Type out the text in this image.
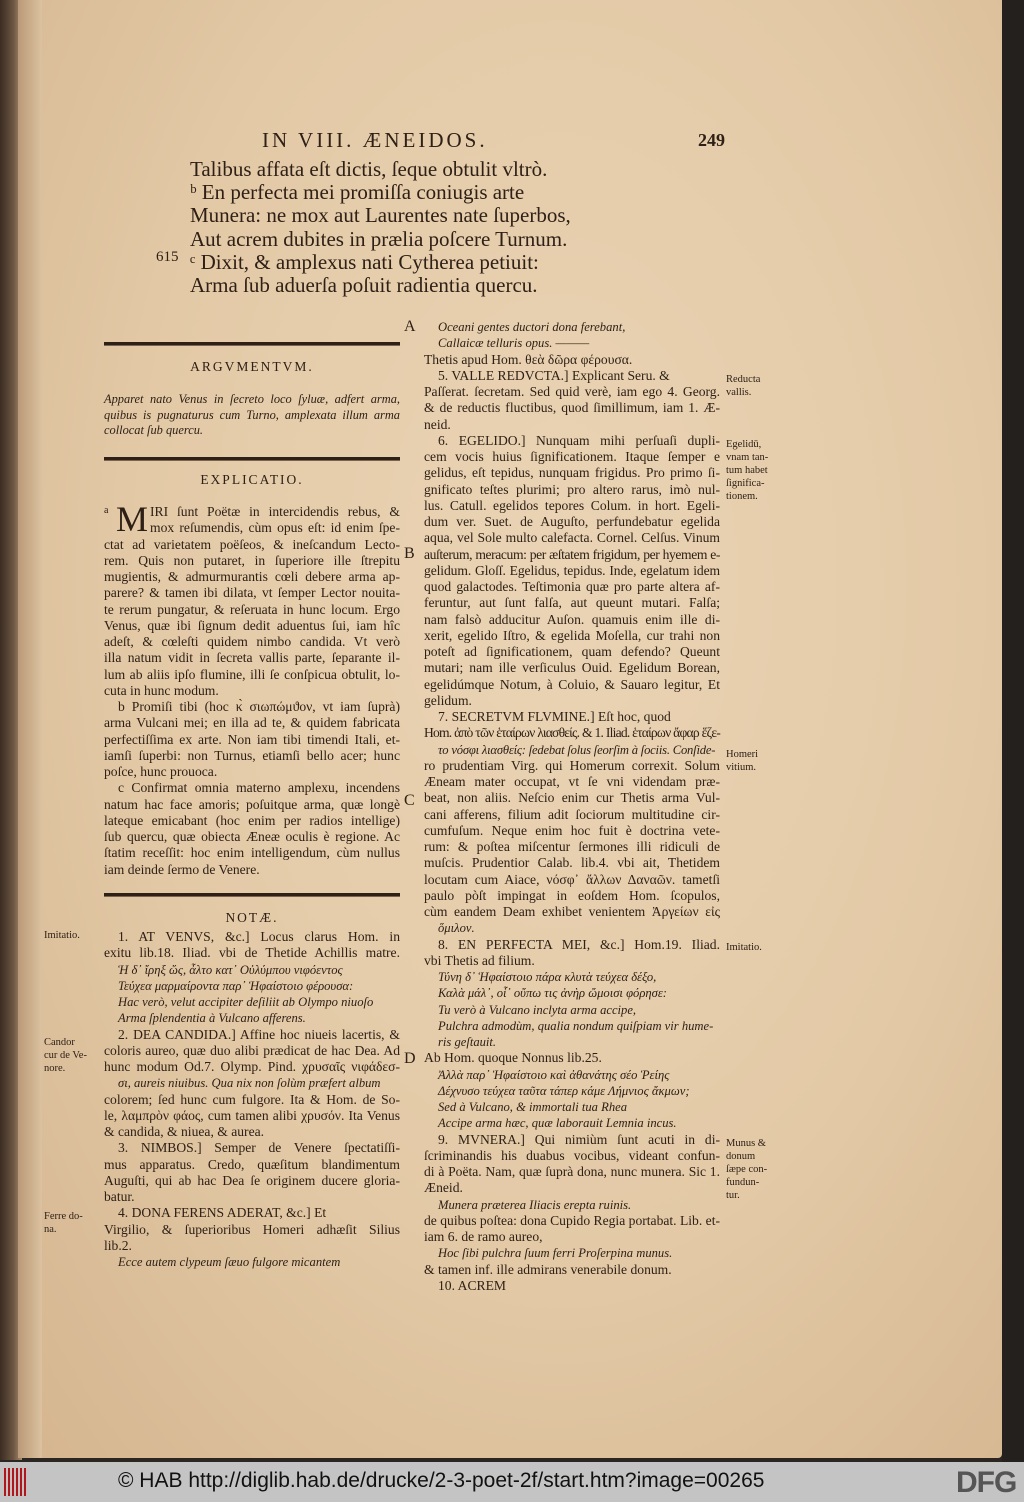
IN VIII. ÆNEIDOS.	249
Talibus affata eſt dictis, ſeque obtulit vltrò.
ᵇ En perfecta mei promiſſa coniugis arte
Munera: ne mox aut Laurentes nate ſuperbos,
Aut acrem dubites in prælia poſcere Turnum.
ᶜ Dixit, & amplexus nati Cytherea petiuit:
Arma ſub aduerſa poſuit radientia quercu.
615
ARGVMENTVM.
Apparet nato Venus in ſecreto loco ſyluæ, adfert arma,
quibus is pugnaturus cum Turno, amplexata illum arma
collocat ſub quercu.
EXPLICATIO.
a M IRI ſunt Poëtæ in intercidendis rebus, &
mox reſumendis, cùm opus eſt: id enim ſpe-
ctat ad varietatem poëſeos, & ineſcandum Lecto-
rem. Quis non putaret, in ſuperiore ille ſtrepitu
mugientis, & admurmurantis cœli debere arma ap-
parere? & tamen ibi dilata, vt ſemper Lector nouita-
te rerum pungatur, & reſeruata in hunc locum. Ergo
Venus, quæ ibi ſignum dedit aduentus ſui, iam hîc
adeſt, & cœleſti quidem nimbo candida. Vt verò
illa natum vidit in ſecreta vallis parte, ſeparante il-
lum ab aliis ipſo flumine, illi ſe conſpicua obtulit, lo-
cuta in hunc modum.
b Promiſi tibi (hoc κ̀ σιωπώμϑον, vt iam ſuprà)
arma Vulcani mei; en illa ad te, & quidem fabricata
perfectiſſima ex arte. Non iam tibi timendi Itali, et-
iamſi ſuperbi: non Turnus, etiamſi bello acer; hunc
poſce, hunc prouoca.
c Confirmat omnia materno amplexu, incendens
natum hac face amoris; poſuitque arma, quæ longè
lateque emicabant (hoc enim per radios intellige)
ſub quercu, quæ obiecta Æneæ oculis è regione. Ac
ſtatim receſſit: hoc enim intelligendum, cùm nullus
iam deinde ſermo de Venere.
NOTÆ.
1. AT VENVS, &c.] Locus clarus Hom. in
exitu lib.18. Iliad. vbi de Thetide Achillis matre.
Ἡ δ᾽ ἴρηξ ὥς, ἆλτο κατ᾽ Οὐλύμπου νιφόεντος
Τεύχεα μαρμαίροντα παρ᾽ Ἡφαίστοιο φέρουσα:
Hac verò, velut accipiter deſiliit ab Olympo niuoſo
Arma ſplendentia à Vulcano afferens.
2. DEA CANDIDA.] Affine hoc niueis lacertis, &
coloris aureo, quæ duo alibi prædicat de hac Dea. Ad
hunc modum Od.7. Olymp. Pind. χρυσαῖς νιφάδεσ-
σι, aureis niuibus. Qua nix non ſolùm præfert album
colorem; ſed hunc cum fulgore. Ita & Hom. de So-
le, λαμπρὸν φάος, cum tamen alibi χρυσόν. Ita Venus
& candida, & niuea, & aurea.
3. NIMBOS.] Semper de Venere ſpectatiſſi-
mus apparatus. Credo, quæſitum blandimentum
Auguſti, qui ab hac Dea ſe originem ducere gloria-
batur.
4. DONA FERENS ADERAT, &c.] Et
Virgilio, & ſuperioribus Homeri adhæſit Silius
lib.2.
Ecce autem clypeum ſæuo fulgore micantem
Oceani gentes ductori dona ferebant,
Callaicæ telluris opus. ———
Thetis apud Hom. θεὰ δῶρα φέρουσα.
5. VALLE REDVCTA.] Explicant Seru. &
Paſſerat. ſecretam. Sed quid verè, iam ego 4. Georg.
& de reductis fluctibus, quod ſimillimum, iam 1. Æ-
neid.
6. EGELIDO.] Nunquam mihi perſuaſi dupli-
cem vocis huius ſignificationem. Itaque ſemper e
gelidus, eſt tepidus, nunquam frigidus. Pro primo ſi-
gnificato teſtes plurimi; pro altero rarus, imò nul-
lus. Catull. egelidos tepores Colum. in hort. Egeli-
dum ver. Suet. de Auguſto, perfundebatur egelida
aqua, vel Sole multo calefacta. Cornel. Celſus. Vinum
auſterum, meracum: per æſtatem frigidum, per hyemem e-
gelidum. Gloſſ. Egelidus, tepidus. Inde, egelatum idem
quod galactodes. Teſtimonia quæ pro parte altera af-
feruntur, aut ſunt falſa, aut queunt mutari. Falſa;
nam falsò adducitur Auſon. quamuis enim ille di-
xerit, egelido Iſtro, & egelida Moſella, cur trahi non
poteſt ad ſignificationem, quam defendo? Queunt
mutari; nam ille verſiculus Ouid. Egelidum Borean,
egelidúmque Notum, à Coluio, & Sauaro legitur, Et
gelidum.
7. SECRETVM FLVMINE.] Eſt hoc, quod
Hom. ἀπὸ τῶν ἑταίρων λιασθείς. & 1. Iliad. ἑταίρων ἄφαρ ἕζε-
το νόσφι λιασθείς: ſedebat ſolus ſeorſim à ſociis. Conſide-
ro prudentiam Virg. qui Homerum correxit. Solum
Æneam mater occupat, vt ſe vni videndam præ-
beat, non aliis. Neſcio enim cur Thetis arma Vul-
cani afferens, filium adit ſociorum multitudine cir-
cumfuſum. Neque enim hoc fuit è doctrina vete-
rum: & poſtea miſcentur ſermones illi ridiculi de
muſcis. Prudentior Calab. lib.4. vbi ait, Thetidem
locutam cum Aiace, νόσφ᾽ ἄλλων Δαναῶν. tametſi
paulo pòſt impingat in eoſdem Hom. ſcopulos,
cùm eandem Deam exhibet venientem Ἀργείων εἰς
ὅμιλον.
8. EN PERFECTA MEI, &c.] Hom.19. Iliad.
vbi Thetis ad filium.
Τύνη δ᾽ Ἡφαίστοιο πάρα κλυτὰ τεύχεα δέξο,
Καλὰ μάλ᾽, οἷ᾽ οὔπω τις ἀνὴρ ὤμοισι φόρησε:
Tu verò à Vulcano inclyta arma accipe,
Pulchra admodùm, qualia nondum quiſpiam vir hume-
ris geſtauit.
Ab Hom. quoque Nonnus lib.25.
Ἀλλὰ παρ᾽ Ἡφαίστοιο καὶ ἀθανάτης σέο Ῥείης
Δέχνυσο τεύχεα ταῦτα τάπερ κάμε Λήμνιος ἄκμων;
Sed à Vulcano, & immortali tua Rhea
Accipe arma hæc, quæ laborauit Lemnia incus.
9. MVNERA.] Qui nimiùm ſunt acuti in di-
ſcriminandis his duabus vocibus, videant confun-
di à Poëta. Nam, quæ ſuprà dona, nunc munera. Sic 1.
Æneid.
Munera præterea Iliacis erepta ruinis.
de quibus poſtea: dona Cupido Regia portabat. Lib. et-
iam 6. de ramo aureo,
Hoc ſibi pulchra ſuum ferri Proſerpina munus.
& tamen inf. ille admirans venerabile donum.
10. ACREM
Imitatio.
Candor
cur de Ve-
nore.
Ferre do-
na.
Reducta
vallis.
Egelidū,
vnam tan-
tum habet
ſignifica-
tionem.
Homeri
vitium.
Imitatio.
Munus &
donum
ſæpe con-
fundun-
tur.
A
B
C
D
© HAB http://diglib.hab.de/drucke/2-3-poet-2f/start.htm?image=00265	DFG
